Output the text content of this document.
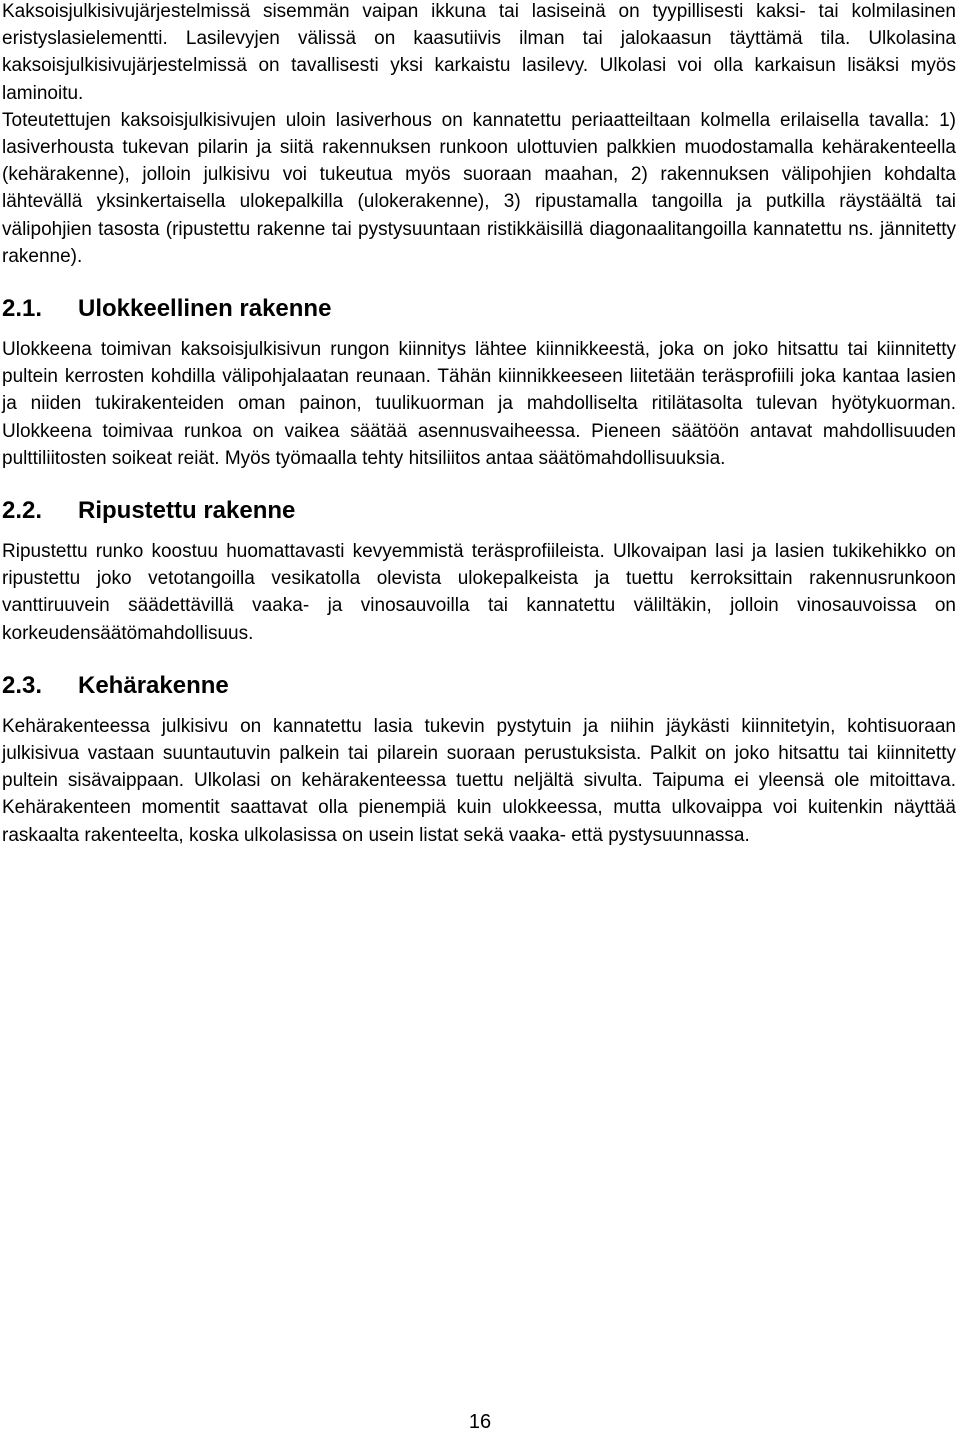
Kaksoisjulkisivujärjestelmissä sisemmän vaipan ikkuna tai lasiseinä on tyypillisesti kaksi- tai kolmilasinen eristyslasielementti. Lasilevyjen välissä on kaasutiivis ilman tai jalokaasun täyttämä tila. Ulkolasina kaksoisjulkisivujärjestelmissä on tavallisesti yksi karkaistu lasilevy. Ulkolasi voi olla karkaisun lisäksi myös laminoitu.

Toteutettujen kaksoisjulkisivujen uloin lasiverhous on kannatettu periaatteiltaan kolmella erilaisella tavalla: 1) lasiverhousta tukevan pilarin ja siitä rakennuksen runkoon ulottuvien palkkien muodostamalla kehärakenteella (kehärakenne), jolloin julkisivu voi tukeutua myös suoraan maahan, 2) rakennuksen välipohjien kohdalta lähtevällä yksinkertaisella ulokepalkilla (ulokerakenne), 3) ripustamalla tangoilla ja putkilla räystäältä tai välipohjien tasosta (ripustettu rakenne tai pystysuuntaan ristikkäisillä diagonaalitangoilla kannatettu ns. jännitetty rakenne).

2.1.	Ulokkeellinen rakenne

Ulokkeena toimivan kaksoisjulkisivun rungon kiinnitys lähtee kiinnikkeestä, joka on joko hitsattu tai kiinnitetty pultein kerrosten kohdilla välipohjalaatan reunaan. Tähän kiinnikkeeseen liitetään teräsprofiili joka kantaa lasien ja niiden tukirakenteiden oman painon, tuulikuorman ja mahdolliselta ritilätasolta tulevan hyötykuorman. Ulokkeena toimivaa runkoa on vaikea säätää asennusvaiheessa. Pieneen säätöön antavat mahdollisuuden pulttiliitosten soikeat reiät. Myös työmaalla tehty hitsiliitos antaa säätömahdollisuuksia.

2.2.	Ripustettu rakenne

Ripustettu runko koostuu huomattavasti kevyemmistä teräsprofiileista. Ulkovaipan lasi ja lasien tukikehikko on ripustettu joko vetotangoilla vesikatolla olevista ulokepalkeista ja tuettu kerroksittain rakennusrunkoon vanttiruuvein säädettävillä vaaka- ja vinosauvoilla tai kannatettu väliltäkin, jolloin vinosauvoissa on korkeudensäätömahdollisuus.

2.3.	Kehärakenne

Kehärakenteessa julkisivu on kannatettu lasia tukevin pystytuin ja niihin jäykästi kiinnitetyin, kohtisuoraan julkisivua vastaan suuntautuvin palkein tai pilarein suoraan perustuksista. Palkit on joko hitsattu tai kiinnitetty pultein sisävaippaan. Ulkolasi on kehärakenteessa tuettu neljältä sivulta. Taipuma ei yleensä ole mitoittava. Kehärakenteen momentit saattavat olla pienempiä kuin ulokkeessa, mutta ulkovaippa voi kuitenkin näyttää raskaalta rakenteelta, koska ulkolasissa on usein listat sekä vaaka- että pystysuunnassa.

16
